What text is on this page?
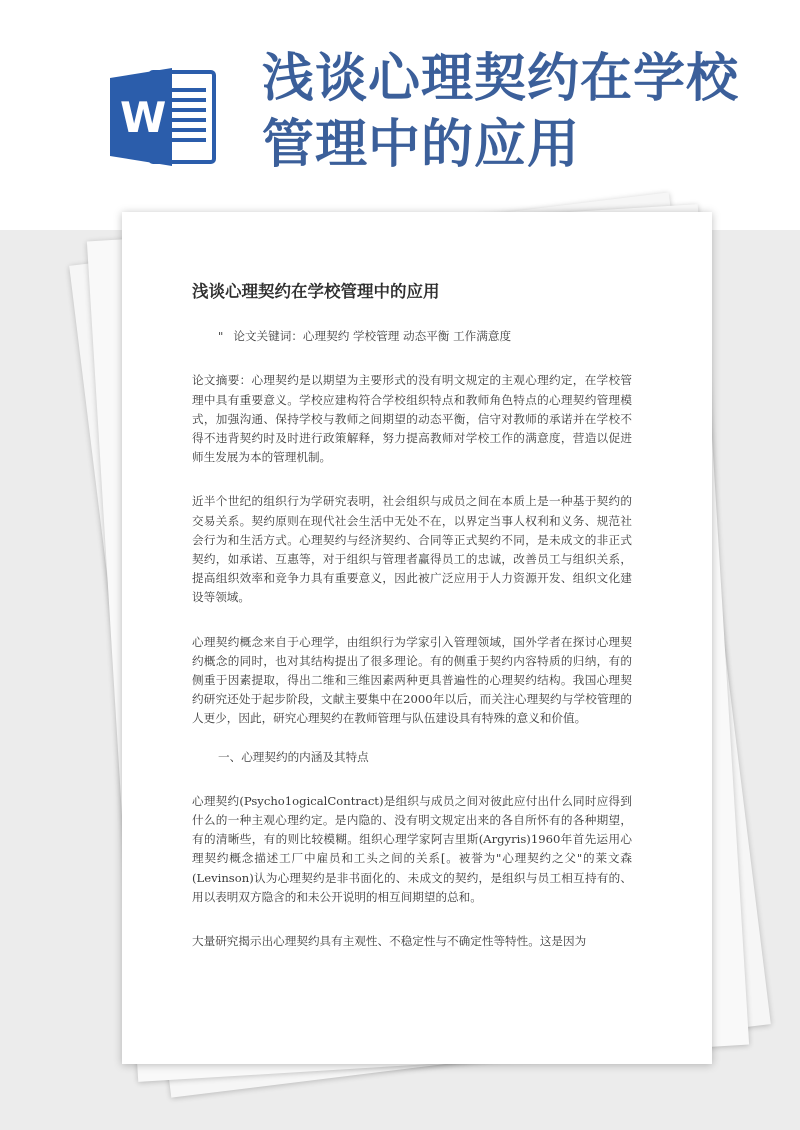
W
浅谈心理契约在学校管理中的应用
浅谈心理契约在学校管理中的应用
" 论文关键词：心理契约 学校管理 动态平衡 工作满意度
论文摘要：心理契约是以期望为主要形式的没有明文规定的主观心理约定，在学校管理中具有重要意义。学校应建构符合学校组织特点和教师角色特点的心理契约管理模式，加强沟通、保持学校与教师之间期望的动态平衡，信守对教师的承诺并在学校不得不违背契约时及时进行政策解释，努力提高教师对学校工作的满意度，营造以促进师生发展为本的管理机制。
近半个世纪的组织行为学研究表明，社会组织与成员之间在本质上是一种基于契约的交易关系。契约原则在现代社会生活中无处不在，以界定当事人权利和义务、规范社会行为和生活方式。心理契约与经济契约、合同等正式契约不同，是未成文的非正式契约，如承诺、互惠等，对于组织与管理者赢得员工的忠诚，改善员工与组织关系，提高组织效率和竞争力具有重要意义，因此被广泛应用于人力资源开发、组织文化建设等领域。
心理契约概念来自于心理学，由组织行为学家引入管理领域，国外学者在探讨心理契约概念的同时，也对其结构提出了很多理论。有的侧重于契约内容特质的归纳，有的侧重于因素提取，得出二维和三维因素两种更具普遍性的心理契约结构。我国心理契约研究还处于起步阶段，文献主要集中在2000年以后，而关注心理契约与学校管理的人更少，因此，研究心理契约在教师管理与队伍建设具有特殊的意义和价值。
一、心理契约的内涵及其特点
心理契约(Psycho1ogicalContract)是组织与成员之间对彼此应付出什么同时应得到什么的一种主观心理约定。是内隐的、没有明文规定出来的各自所怀有的各种期望，有的清晰些，有的则比较模糊。组织心理学家阿吉里斯(Argyris)1960年首先运用心理契约概念描述工厂中雇员和工头之间的关系[。被誉为"心理契约之父"的莱文森(Levinson)认为心理契约是非书面化的、未成文的契约，是组织与员工相互持有的、用以表明双方隐含的和未公开说明的相互间期望的总和。
大量研究揭示出心理契约具有主观性、不稳定性与不确定性等特性。这是因为
